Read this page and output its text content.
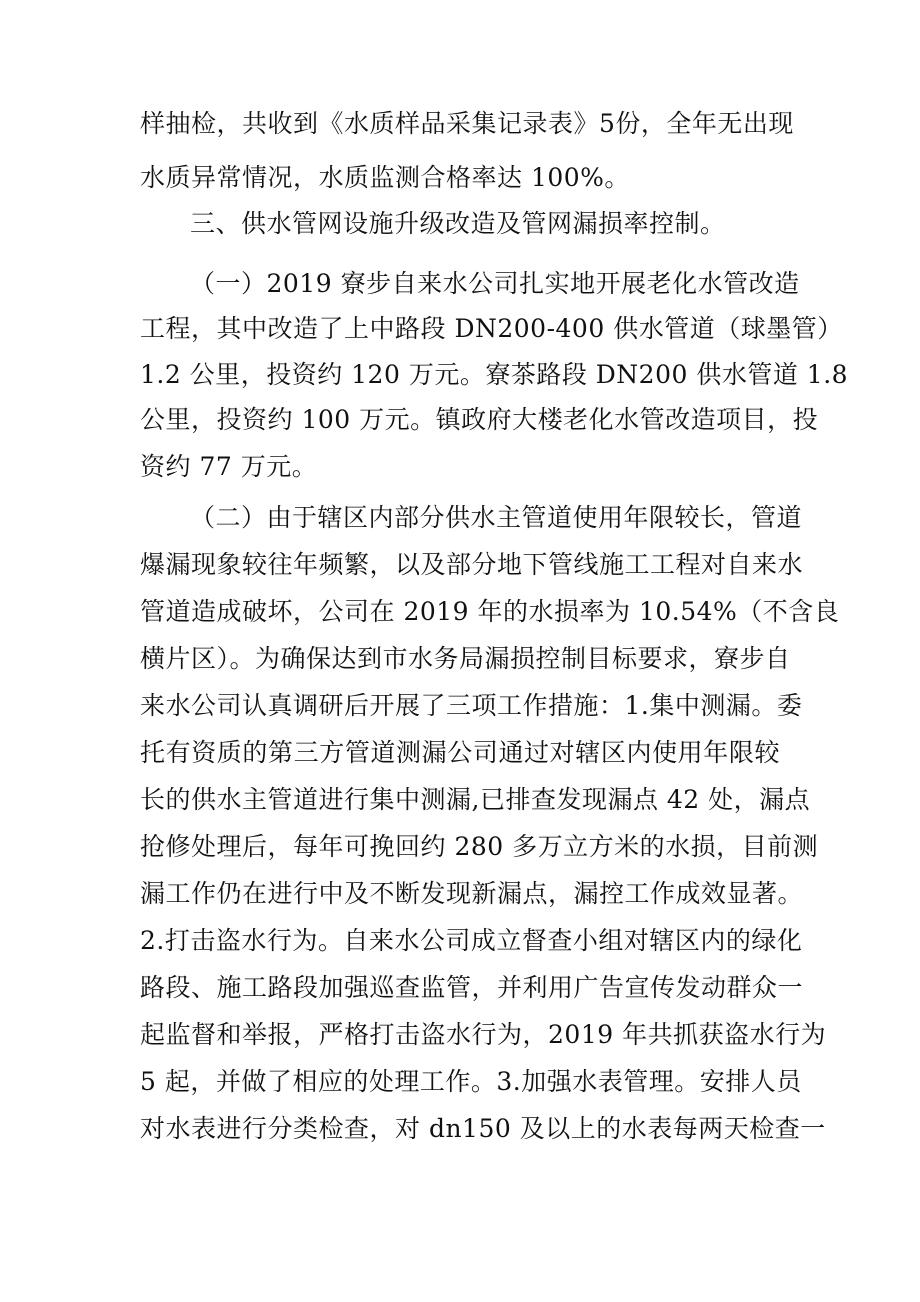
样抽检，共收到《水质样品采集记录表》5份，全年无出现
水质异常情况，水质监测合格率达 100%。
三、供水管网设施升级改造及管网漏损率控制。
（一）2019 寮步自来水公司扎实地开展老化水管改造
工程，其中改造了上中路段 DN200-400 供水管道（球墨管）
1.2 公里，投资约 120 万元。寮茶路段 DN200 供水管道 1.8
公里，投资约 100 万元。镇政府大楼老化水管改造项目，投
资约 77 万元。
（二）由于辖区内部分供水主管道使用年限较长，管道
爆漏现象较往年频繁，以及部分地下管线施工工程对自来水
管道造成破坏，公司在 2019 年的水损率为 10.54%（不含良
横片区）。为确保达到市水务局漏损控制目标要求，寮步自
来水公司认真调研后开展了三项工作措施：1.集中测漏。委
托有资质的第三方管道测漏公司通过对辖区内使用年限较
长的供水主管道进行集中测漏,已排查发现漏点 42 处，漏点
抢修处理后，每年可挽回约 280 多万立方米的水损，目前测
漏工作仍在进行中及不断发现新漏点，漏控工作成效显著。
2.打击盗水行为。自来水公司成立督查小组对辖区内的绿化
路段、施工路段加强巡查监管，并利用广告宣传发动群众一
起监督和举报，严格打击盗水行为，2019 年共抓获盗水行为
5 起，并做了相应的处理工作。3.加强水表管理。安排人员
对水表进行分类检查，对 dn150 及以上的水表每两天检查一
